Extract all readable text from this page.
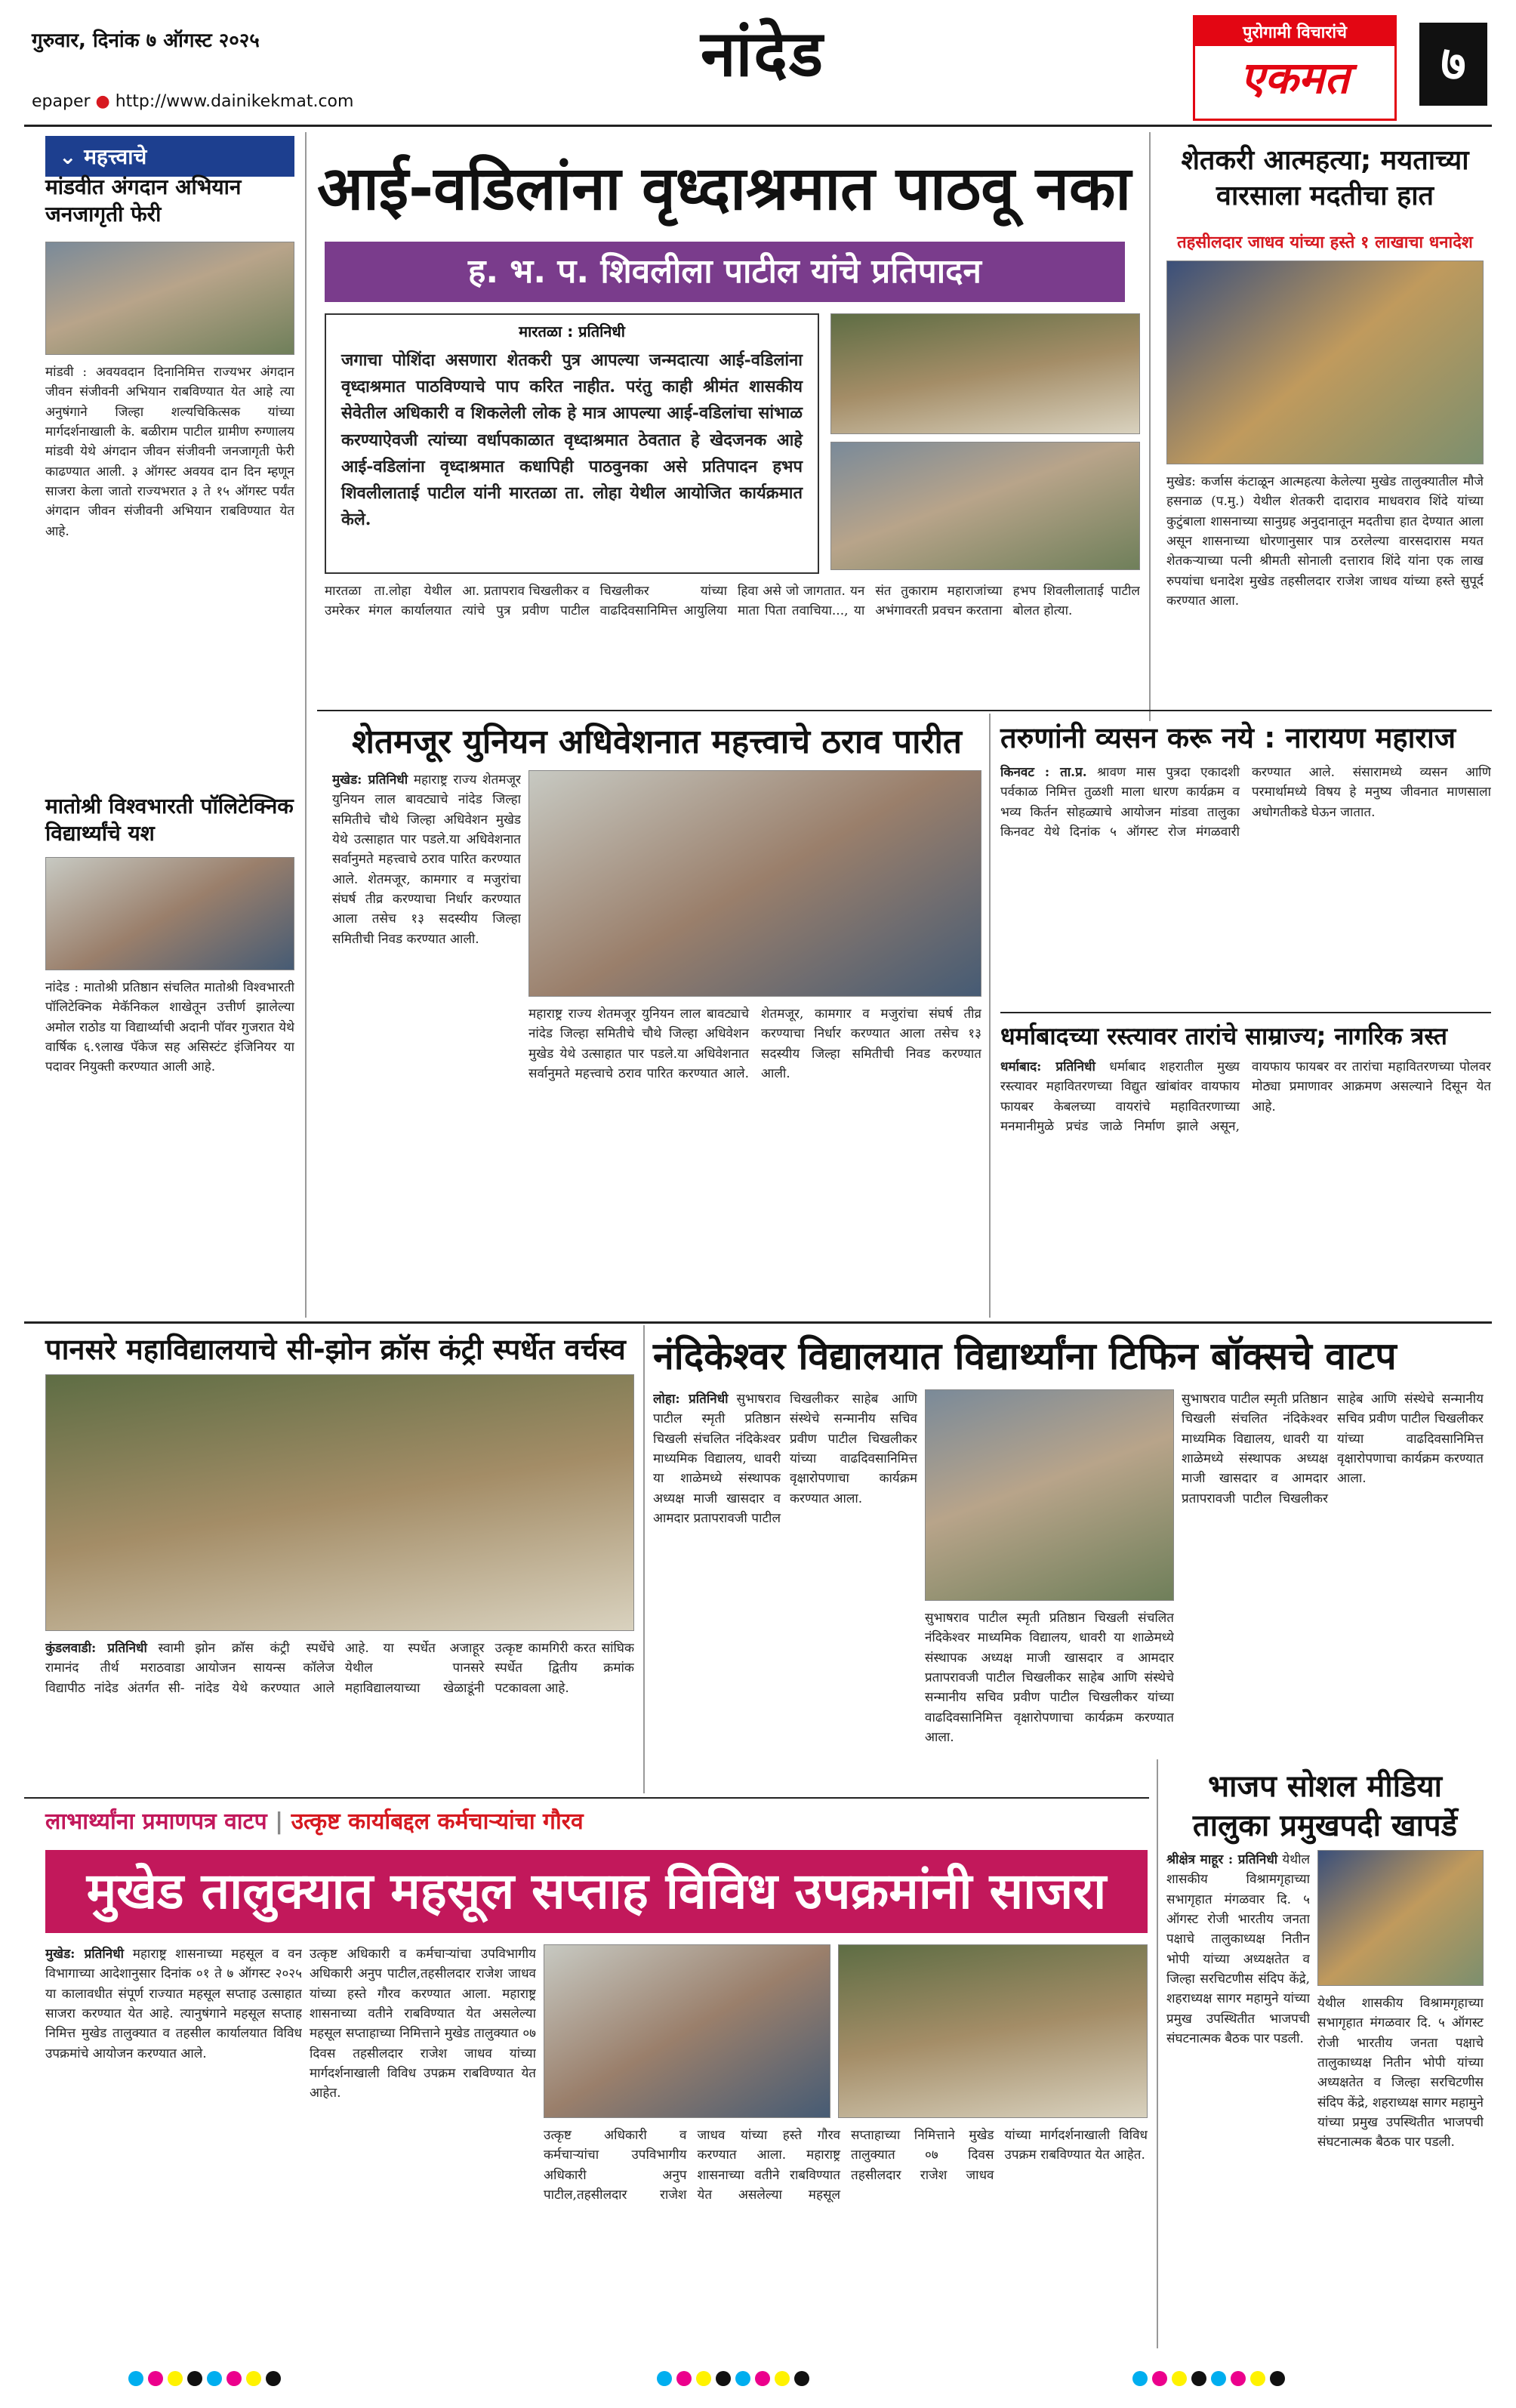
गुरुवार, दिनांक ७ ऑगस्ट २०२५
epaper ● http://www.dainikekmat.com
नांदेड	पुरोगामी विचारांचे
एकमत	७
⌄ महत्त्वाचे
मांडवीत अंगदान अभियान जनजागृती फेरी
मांडवी : अवयवदान दिनानिमित्त राज्यभर अंगदान जीवन संजीवनी अभियान राबविण्यात येत आहे त्या अनुषंगाने जिल्हा शल्यचिकित्सक यांच्या मार्गदर्शनाखाली के. बळीराम पाटील ग्रामीण रुग्णालय मांडवी येथे अंगदान जीवन संजीवनी जनजागृती फेरी काढण्यात आली. ३ ऑगस्ट अवयव दान दिन म्हणून साजरा केला जातो राज्यभरात ३ ते १५ ऑगस्ट पर्यंत अंगदान जीवन संजीवनी अभियान राबविण्यात येत आहे.
मातोश्री विश्वभारती पॉलिटेक्निक विद्यार्थ्यांचे यश
नांदेड : मातोश्री प्रतिष्ठान संचलित मातोश्री विश्वभारती पॉलिटेक्निक मेकॅनिकल शाखेतून उत्तीर्ण झालेल्या अमोल राठोड या विद्यार्थ्याची अदानी पॉवर गुजरात येथे वार्षिक ६.९लाख पॅकेज सह असिस्टंट इंजिनियर या पदावर नियुक्ती करण्यात आली आहे.
आई-वडिलांना वृध्दाश्रमात पाठवू नका
ह. भ. प. शिवलीला पाटील यांचे प्रतिपादन
मारतळा : प्रतिनिधी
जगाचा पोशिंदा असणारा शेतकरी पुत्र आपल्या जन्मदात्या आई-वडिलांना वृध्दाश्रमात पाठविण्याचे पाप करित नाहीत. परंतु काही श्रीमंत शासकीय सेवेतील अधिकारी व शिकलेली लोक हे मात्र आपल्या आई-वडिलांचा सांभाळ करण्याऐवजी त्यांच्या वर्धापकाळात वृध्दाश्रमात ठेवतात हे खेदजनक आहे आई-वडिलांना वृध्दाश्रमात कधापिही पाठवुनका असे प्रतिपादन हभप शिवलीलाताई पाटील यांनी मारतळा ता. लोहा येथील आयोजित कार्यक्रमात केले.
मारतळा ता.लोहा येथील उमरेकर मंगल कार्यालयात आ. प्रतापराव चिखलीकर व त्यांचे पुत्र प्रवीण पाटील चिखलीकर यांच्या वाढदिवसानिमित्त आयुलिया हिवा असे जो जागतात. यन माता पिता तवाचिया..., या संत तुकाराम महाराजांच्या अभंगावरती प्रवचन करताना हभप शिवलीलाताई पाटील बोलत होत्या.
शेतकरी आत्महत्या; मयताच्या वारसाला मदतीचा हात
तहसीलदार जाधव यांच्या हस्ते १ लाखाचा धनादेश
मुखेड: कर्जास कंटाळून आत्महत्या केलेल्या मुखेड तालुक्यातील मौजे हसनाळ (प.मु.) येथील शेतकरी दादाराव माधवराव शिंदे यांच्या कुटुंबाला शासनाच्या सानुग्रह अनुदानातून मदतीचा हात देण्यात आला असून शासनाच्या धोरणानुसार पात्र ठरलेल्या वारसदारास मयत शेतकऱ्याच्या पत्नी श्रीमती सोनाली दत्ताराव शिंदे यांना एक लाख रुपयांचा धनादेश मुखेड तहसीलदार राजेश जाधव यांच्या हस्ते सुपूर्द करण्यात आला.
शेतमजूर युनियन अधिवेशनात महत्त्वाचे ठराव पारीत
मुखेड: प्रतिनिधी महाराष्ट्र राज्य शेतमजूर युनियन लाल बावट्याचे नांदेड जिल्हा समितीचे चौथे जिल्हा अधिवेशन मुखेड येथे उत्साहात पार पडले.या अधिवेशनात सर्वानुमते महत्त्वाचे ठराव पारित करण्यात आले. शेतमजूर, कामगार व मजुरांचा संघर्ष तीव्र करण्याचा निर्धार करण्यात आला तसेच १३ सदस्यीय जिल्हा समितीची निवड करण्यात आली.
महाराष्ट्र राज्य शेतमजूर युनियन लाल बावट्याचे नांदेड जिल्हा समितीचे चौथे जिल्हा अधिवेशन मुखेड येथे उत्साहात पार पडले.या अधिवेशनात सर्वानुमते महत्त्वाचे ठराव पारित करण्यात आले. शेतमजूर, कामगार व मजुरांचा संघर्ष तीव्र करण्याचा निर्धार करण्यात आला तसेच १३ सदस्यीय जिल्हा समितीची निवड करण्यात आली.
तरुणांनी व्यसन करू नये : नारायण महाराज
किनवट : ता.प्र. श्रावण मास पुत्रदा एकादशी पर्वकाळ निमित्त तुळशी माला धारण कार्यक्रम व भव्य किर्तन सोहळ्याचे आयोजन मांडवा तालुका किनवट येथे दिनांक ५ ऑगस्ट रोज मंगळवारी करण्यात आले. संसारामध्ये व्यसन आणि परमार्थामध्ये विषय हे मनुष्य जीवनात माणसाला अधोगतीकडे घेऊन जातात.
धर्माबादच्या रस्त्यावर तारांचे साम्राज्य; नागरिक त्रस्त
धर्माबाद: प्रतिनिधी धर्माबाद शहरातील मुख्य रस्त्यावर महावितरणच्या विद्युत खांबांवर वायफाय फायबर केबलच्या वायरांचे महावितरणाच्या मनमानीमुळे प्रचंड जाळे निर्माण झाले असून, वायफाय फायबर वर तारांचा महावितरणच्या पोलवर मोठ्या प्रमाणावर आक्रमण असल्याने दिसून येत आहे.
पानसरे महाविद्यालयाचे सी-झोन क्रॉस कंट्री स्पर्धेत वर्चस्व
कुंडलवाडी: प्रतिनिधी स्वामी रामानंद तीर्थ मराठवाडा विद्यापीठ नांदेड अंतर्गत सी-झोन क्रॉस कंट्री स्पर्धेचे आयोजन सायन्स कॉलेज नांदेड येथे करण्यात आले आहे. या स्पर्धेत अजाहूर येथील पानसरे महाविद्यालयाच्या खेळाडूंनी उत्कृष्ट कामगिरी करत सांघिक स्पर्धेत द्वितीय क्रमांक पटकावला आहे.
नंदिकेश्वर विद्यालयात विद्यार्थ्यांना टिफिन बॉक्सचे वाटप
लोहा: प्रतिनिधी सुभाषराव पाटील स्मृती प्रतिष्ठान चिखली संचलित नंदिकेश्वर माध्यमिक विद्यालय, धावरी या शाळेमध्ये संस्थापक अध्यक्ष माजी खासदार व आमदार प्रतापरावजी पाटील चिखलीकर साहेब आणि संस्थेचे सन्मानीय सचिव प्रवीण पाटील चिखलीकर यांच्या वाढदिवसानिमित्त वृक्षारोपणाचा कार्यक्रम करण्यात आला.
सुभाषराव पाटील स्मृती प्रतिष्ठान चिखली संचलित नंदिकेश्वर माध्यमिक विद्यालय, धावरी या शाळेमध्ये संस्थापक अध्यक्ष माजी खासदार व आमदार प्रतापरावजी पाटील चिखलीकर साहेब आणि संस्थेचे सन्मानीय सचिव प्रवीण पाटील चिखलीकर यांच्या वाढदिवसानिमित्त वृक्षारोपणाचा कार्यक्रम करण्यात आला.
सुभाषराव पाटील स्मृती प्रतिष्ठान चिखली संचलित नंदिकेश्वर माध्यमिक विद्यालय, धावरी या शाळेमध्ये संस्थापक अध्यक्ष माजी खासदार व आमदार प्रतापरावजी पाटील चिखलीकर साहेब आणि संस्थेचे सन्मानीय सचिव प्रवीण पाटील चिखलीकर यांच्या वाढदिवसानिमित्त वृक्षारोपणाचा कार्यक्रम करण्यात आला.
भाजप सोशल मीडिया तालुका प्रमुखपदी खापर्डे
श्रीक्षेत्र माहूर : प्रतिनिधी येथील शासकीय विश्रामगृहाच्या सभागृहात मंगळवार दि. ५ ऑगस्ट रोजी भारतीय जनता पक्षाचे तालुकाध्यक्ष नितीन भोपी यांच्या अध्यक्षतेत व जिल्हा सरचिटणीस संदिप केंद्रे, शहराध्यक्ष सागर महामुने यांच्या प्रमुख उपस्थितीत भाजपची संघटनात्मक बैठक पार पडली.
येथील शासकीय विश्रामगृहाच्या सभागृहात मंगळवार दि. ५ ऑगस्ट रोजी भारतीय जनता पक्षाचे तालुकाध्यक्ष नितीन भोपी यांच्या अध्यक्षतेत व जिल्हा सरचिटणीस संदिप केंद्रे, शहराध्यक्ष सागर महामुने यांच्या प्रमुख उपस्थितीत भाजपची संघटनात्मक बैठक पार पडली.
लाभार्थ्यांना प्रमाणपत्र वाटप | उत्कृष्ट कार्याबद्दल कर्मचाऱ्यांचा गौरव
मुखेड तालुक्यात महसूल सप्ताह विविध उपक्रमांनी साजरा
मुखेड: प्रतिनिधी महाराष्ट्र शासनाच्या महसूल व वन विभागाच्या आदेशानुसार दिनांक ०१ ते ७ ऑगस्ट २०२५ या कालावधीत संपूर्ण राज्यात महसूल सप्ताह उत्साहात साजरा करण्यात येत आहे. त्यानुषंगाने महसूल सप्ताह निमित्त मुखेड तालुक्यात व तहसील कार्यालयात विविध उपक्रमांचे आयोजन करण्यात आले.
उत्कृष्ट अधिकारी व कर्मचाऱ्यांचा उपविभागीय अधिकारी अनुप पाटील,तहसीलदार राजेश जाधव यांच्या हस्ते गौरव करण्यात आला. महाराष्ट्र शासनाच्या वतीने राबविण्यात येत असलेल्या महसूल सप्ताहाच्या निमित्ताने मुखेड तालुक्यात ०७ दिवस तहसीलदार राजेश जाधव यांच्या मार्गदर्शनाखाली विविध उपक्रम राबविण्यात येत आहेत.
उत्कृष्ट अधिकारी व कर्मचाऱ्यांचा उपविभागीय अधिकारी अनुप पाटील,तहसीलदार राजेश जाधव यांच्या हस्ते गौरव करण्यात आला. महाराष्ट्र शासनाच्या वतीने राबविण्यात येत असलेल्या महसूल सप्ताहाच्या निमित्ताने मुखेड तालुक्यात ०७ दिवस तहसीलदार राजेश जाधव यांच्या मार्गदर्शनाखाली विविध उपक्रम राबविण्यात येत आहेत.
